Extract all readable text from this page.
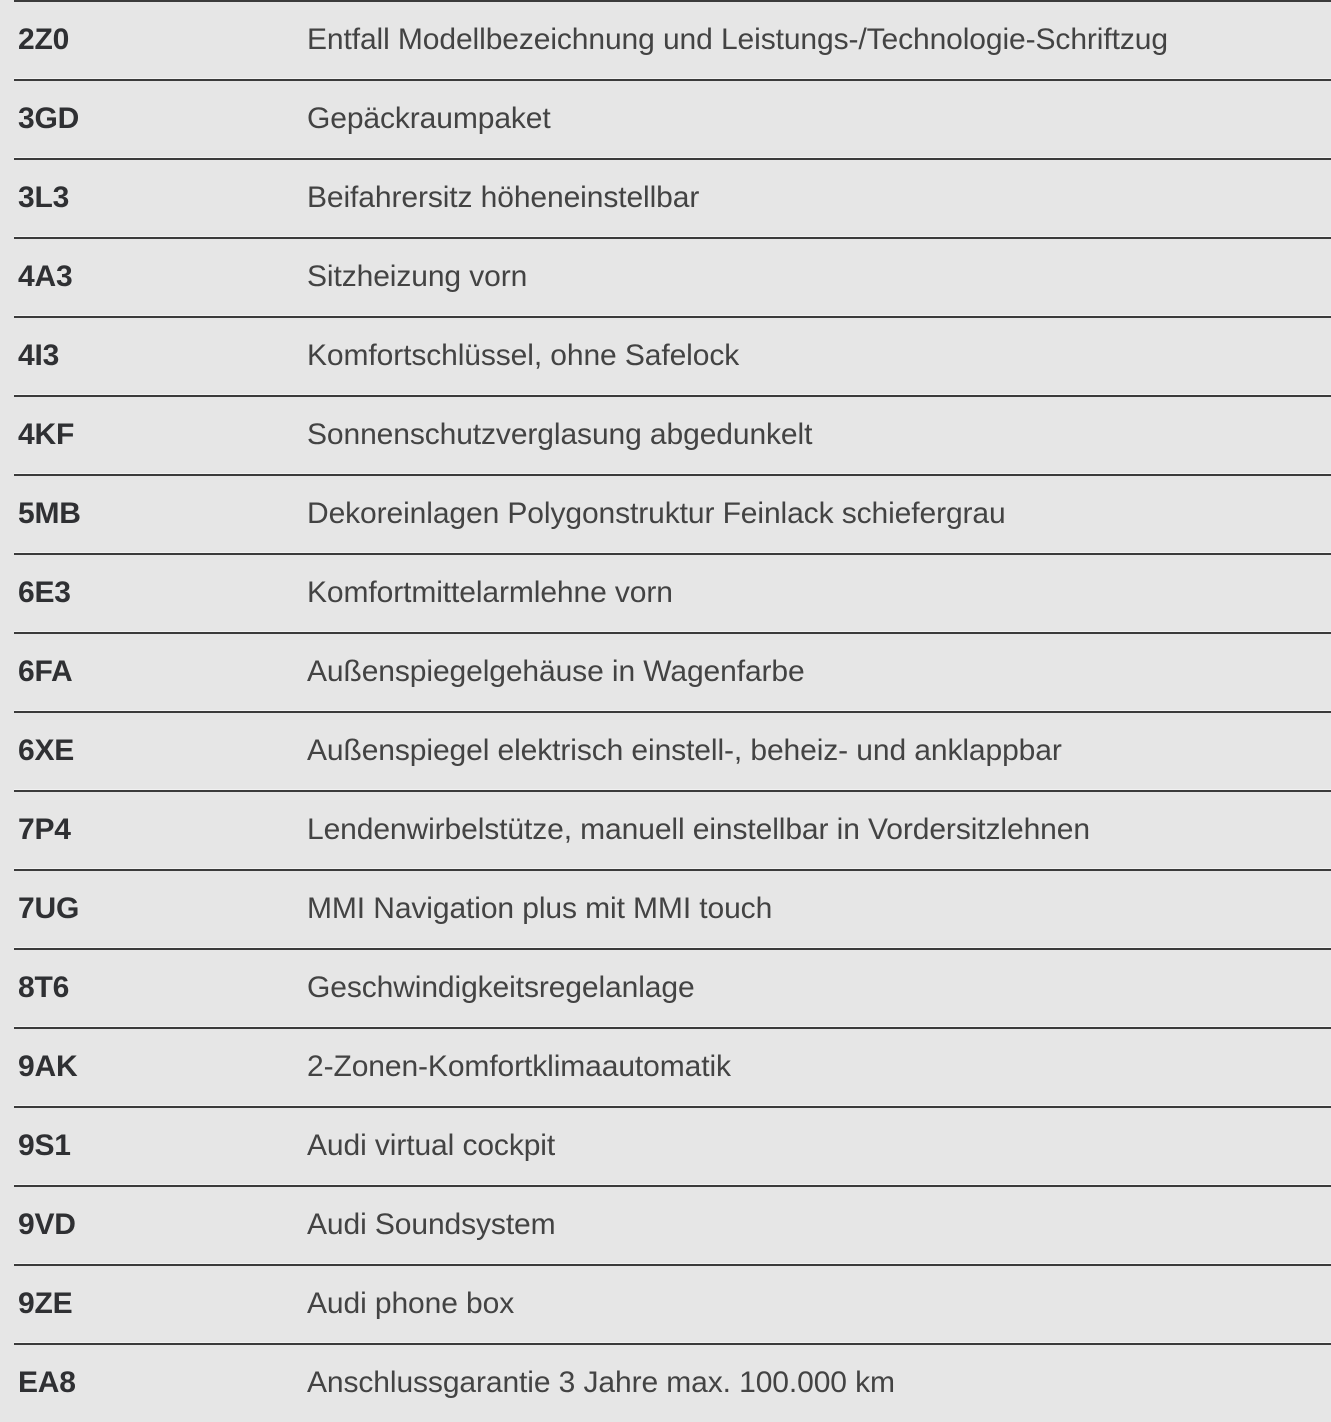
2Z0	Entfall Modellbezeichnung und Leistungs-/Technologie-Schriftzug
3GD	Gepäckraumpaket
3L3	Beifahrersitz höheneinstellbar
4A3	Sitzheizung vorn
4I3	Komfortschlüssel, ohne Safelock
4KF	Sonnenschutzverglasung abgedunkelt
5MB	Dekoreinlagen Polygonstruktur Feinlack schiefergrau
6E3	Komfortmittelarmlehne vorn
6FA	Außenspiegelgehäuse in Wagenfarbe
6XE	Außenspiegel elektrisch einstell-, beheiz- und anklappbar
7P4	Lendenwirbelstütze, manuell einstellbar in Vordersitzlehnen
7UG	MMI Navigation plus mit MMI touch
8T6	Geschwindigkeitsregelanlage
9AK	2-Zonen-Komfortklimaautomatik
9S1	Audi virtual cockpit
9VD	Audi Soundsystem
9ZE	Audi phone box
EA8	Anschlussgarantie 3 Jahre max. 100.000 km
